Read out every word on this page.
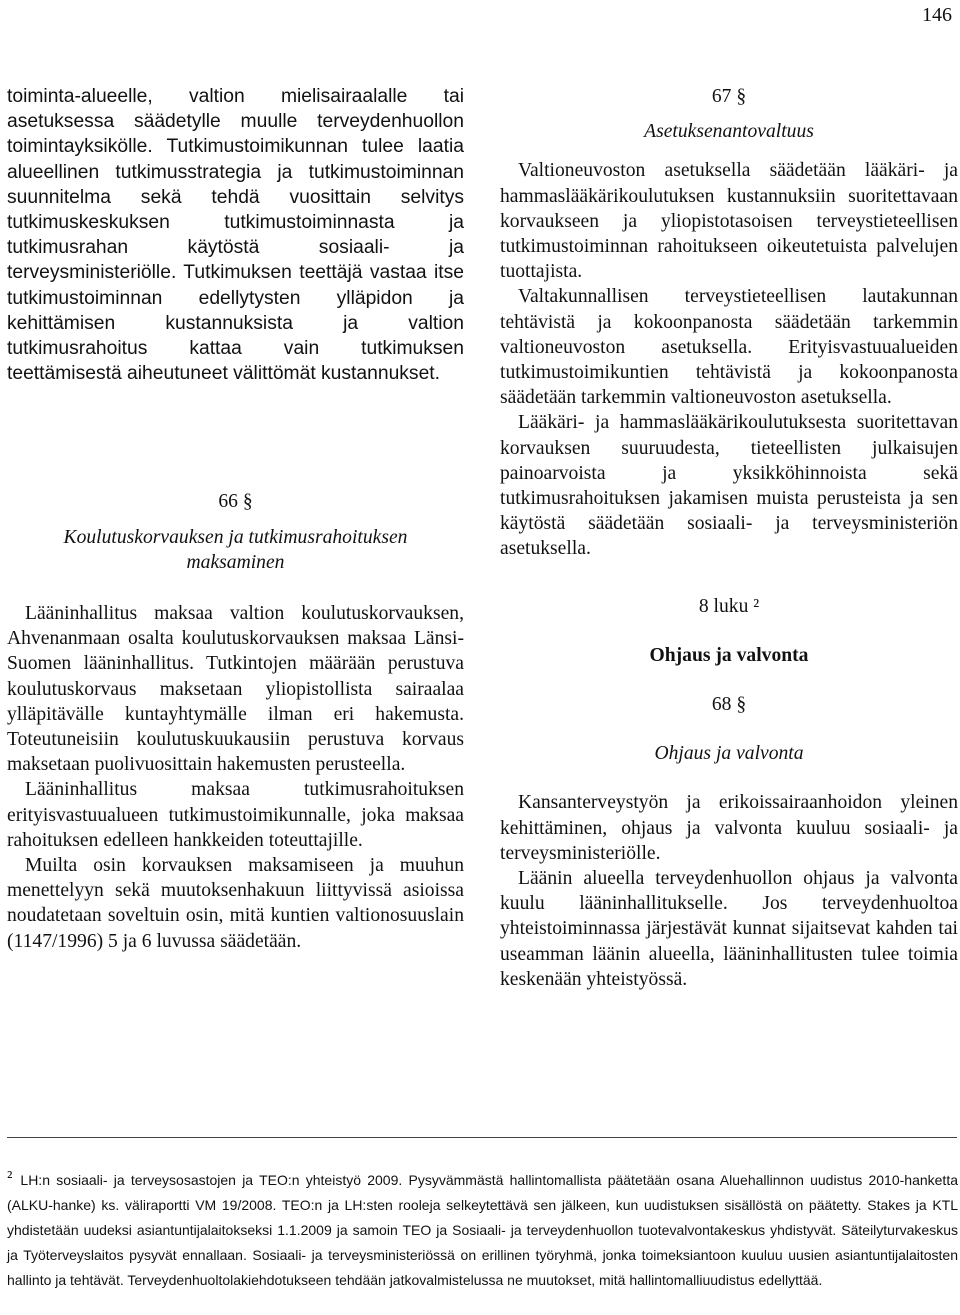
146

toiminta-alueelle, valtion mielisairaalalle tai asetuksessa säädetylle muulle terveydenhuollon toimintayksikölle. Tutkimustoimikunnan tulee laatia alueellinen tutkimusstrategia ja tutkimustoiminnan suunnitelma sekä tehdä vuosittain selvitys tutkimuskeskuksen tutkimustoiminnasta ja tutkimusrahan käytöstä sosiaali- ja terveysministeriölle. Tutkimuksen teettäjä vastaa itse tutkimustoiminnan edellytysten ylläpidon ja kehittämisen kustannuksista ja valtion tutkimusrahoitus kattaa vain tutkimuksen teettämisestä aiheutuneet välittömät kustannukset.

66 §

Koulutuskorvauksen ja tutkimusrahoituksen maksaminen

Lääninhallitus maksaa valtion koulutuskorvauksen, Ahvenanmaan osalta koulutuskorvauksen maksaa Länsi-Suomen lääninhallitus. Tutkintojen määrään perustuva koulutuskorvaus maksetaan yliopistollista sairaalaa ylläpitävälle kuntayhtymälle ilman eri hakemusta. Toteutuneisiin koulutuskuukausiin perustuva korvaus maksetaan puolivuosittain hakemusten perusteella.

Lääninhallitus maksaa tutkimusrahoituksen erityisvastuualueen tutkimustoimikunnalle, joka maksaa rahoituksen edelleen hankkeiden toteuttajille.

Muilta osin korvauksen maksamiseen ja muuhun menettelyyn sekä muutoksenhakuun liittyvissä asioissa noudatetaan soveltuin osin, mitä kuntien valtionosuuslain (1147/1996) 5 ja 6 luvussa säädetään.

67 §

Asetuksenantovaltuus

Valtioneuvoston asetuksella säädetään lääkäri- ja hammaslääkärikoulutuksen kustannuksiin suoritettavaan korvaukseen ja yliopistotasoisen terveystieteellisen tutkimustoiminnan rahoitukseen oikeutetuista palvelujen tuottajista.

Valtakunnallisen terveystieteellisen lautakunnan tehtävistä ja kokoonpanosta säädetään tarkemmin valtioneuvoston asetuksella. Erityisvastuualueiden tutkimustoimikuntien tehtävistä ja kokoonpanosta säädetään tarkemmin valtioneuvoston asetuksella.

Lääkäri- ja hammaslääkärikoulutuksesta suoritettavan korvauksen suuruudesta, tieteellisten julkaisujen painoarvoista ja yksikköhinnoista sekä tutkimusrahoituksen jakamisen muista perusteista ja sen käytöstä säädetään sosiaali- ja terveysministeriön asetuksella.

8 luku ²

Ohjaus ja valvonta

68 §

Ohjaus ja valvonta

Kansanterveystyön ja erikoissairaanhoidon yleinen kehittäminen, ohjaus ja valvonta kuuluu sosiaali- ja terveysministeriölle.

Läänin alueella terveydenhuollon ohjaus ja valvonta kuulu lääninhallitukselle. Jos terveydenhuoltoa yhteistoiminnassa järjestävät kunnat sijaitsevat kahden tai useamman läänin alueella, lääninhallitusten tulee toimia keskenään yhteistyössä.

² LH:n sosiaali- ja terveysosastojen ja TEO:n yhteistyö 2009. Pysyvämmästä hallintomallista päätetään osana Aluehallinnon uudistus 2010-hanketta (ALKU-hanke) ks. väliraportti VM 19/2008. TEO:n ja LH:sten rooleja selkeytettävä sen jälkeen, kun uudistuksen sisällöstä on päätetty. Stakes ja KTL yhdistetään uudeksi asiantuntijalaitokseksi 1.1.2009 ja samoin TEO ja Sosiaali- ja terveydenhuollon tuotevalvontakeskus yhdistyvät. Säteilyturvakeskus ja Työterveyslaitos pysyvät ennallaan. Sosiaali- ja terveysministeriössä on erillinen työryhmä, jonka toimeksiantoon kuuluu uusien asiantuntijalaitosten hallinto ja tehtävät. Terveydenhuoltolakiehdotukseen tehdään jatkovalmistelussa ne muutokset, mitä hallintomalliuudistus edellyttää.
